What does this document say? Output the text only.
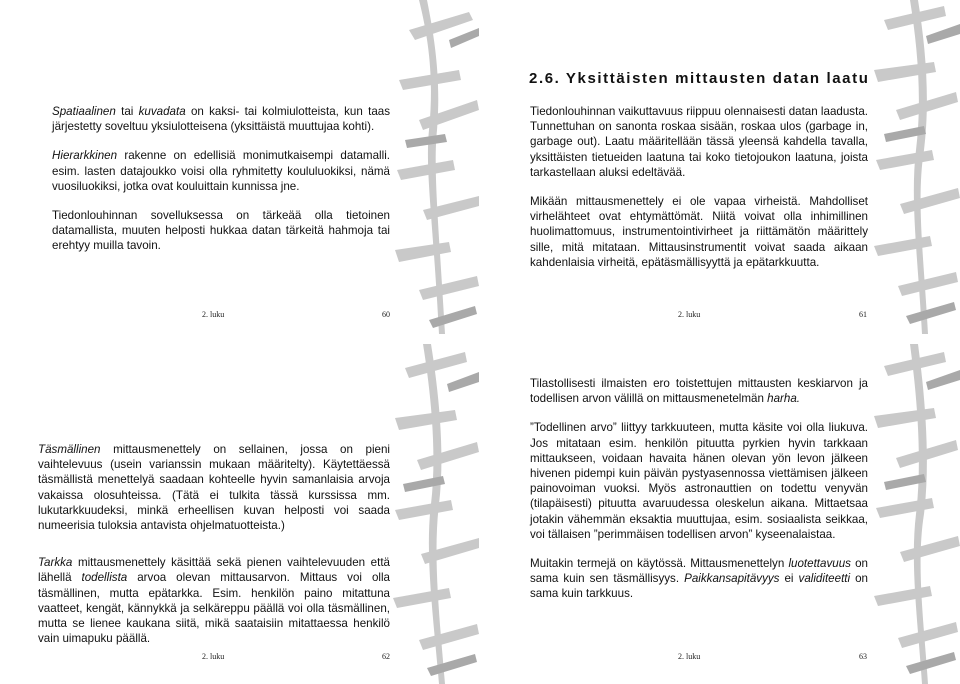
Spatiaalinen tai kuvadata on kaksi- tai kolmiulotteista, kun taas järjestetty soveltuu yksiulotteisena (yksittäistä muuttujaa kohti).

Hierarkkinen rakenne on edellisiä monimutkaisempi datamalli. esim. lasten datajoukko voisi olla ryhmitetty koululuokiksi, nämä vuosiluokiksi, jotka ovat kouluittain kunnissa jne.

Tiedonlouhinnan sovelluksessa on tärkeää olla tietoinen datamallista, muuten helposti hukkaa datan tärkeitä hahmoja tai erehtyy muilla tavoin.

2. luku	60
2.6. Yksittäisten mittausten datan laatu

Tiedonlouhinnan vaikuttavuus riippuu olennaisesti datan laadusta. Tunnettuhan on sanonta roskaa sisään, roskaa ulos (garbage in, garbage out). Laatu määritellään tässä yleensä kahdella tavalla, yksittäisten tietueiden laatuna tai koko tietojoukon laatuna, joista tarkastellaan aluksi edeltävää.

Mikään mittausmenettely ei ole vapaa virheistä. Mahdolliset virhelähteet ovat ehtymättömät. Niitä voivat olla inhimillinen huolimattomuus, instrumentointivirheet ja riittämätön määrittely sille, mitä mitataan. Mittausinstrumentit voivat saada aikaan kahdenlaisia virheitä, epätäsmällisyyttä ja epätarkkuutta.

2. luku	61

Täsmällinen mittausmenettely on sellainen, jossa on pieni vaihtelevuus (usein varianssin mukaan määritelty). Käytettäessä täsmällistä menettelyä saadaan kohteelle hyvin samanlaisia arvoja vakaissa olosuhteissa. (Tätä ei tulkita tässä kurssissa mm. lukutarkkuudeksi, minkä erheellisen kuvan helposti voi saada numeerisia tuloksia antavista ohjelmatuotteista.)

Tarkka mittausmenettely käsittää sekä pienen vaihtelevuuden että lähellä todellista arvoa olevan mittausarvon. Mittaus voi olla täsmällinen, mutta epätarkka. Esim. henkilön paino mitattuna vaatteet, kengät, kännykkä ja selkäreppu päällä voi olla täsmällinen, mutta se lienee kaukana siitä, mikä saataisiin mitattaessa henkilö vain uimapuku päällä.

2. luku	62

Tilastollisesti ilmaisten ero toistettujen mittausten keskiarvon ja todellisen arvon välillä on mittausmenetelmän harha.

”Todellinen arvo” liittyy tarkkuuteen, mutta käsite voi olla liukuva. Jos mitataan esim. henkilön pituutta pyrkien hyvin tarkkaan mittaukseen, voidaan havaita hänen olevan yön levon jälkeen hivenen pidempi kuin päivän pystyasennossa viettämisen jälkeen painovoiman vuoksi. Myös astronauttien on todettu venyvän (tilapäisesti) pituutta avaruudessa oleskelun aikana. Mittaetsaa jotakin vähemmän eksaktia muuttujaa, esim. sosiaalista seikkaa, voi tällaisen ”perimmäisen todellisen arvon” kyseenalaistaa.

Muitakin termejä on käytössä. Mittausmenettelyn luotettavuus on sama kuin sen täsmällisyys. Paikkansapitävyys ei validiteetti on sama kuin tarkkuus.

2. luku	63
